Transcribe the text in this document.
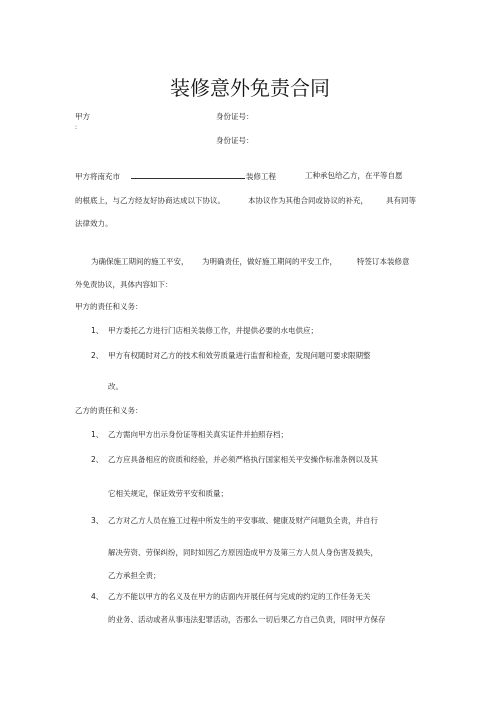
装修意外免责合同
甲方
:
身份证号：
身份证号：
甲方将南充市	装修工程	工种承包给乙方，在平等自愿
的根底上，与乙方经友好协商达成以下协议。	本协议作为其他合同或协议的补充， 具有同等
法律效力。
为确保施工期间的施工平安， 为明确责任，做好施工期间的平安工作，	特签订本装修意
外免责协议，具体内容如下：
甲方的责任和义务：
1、 甲方委托乙方进行门店相关装修工作，并提供必要的水电供应；
2、 甲方有权随时对乙方的技术和效劳质量进行监督和检查，发现问题可要求限期整
改。
乙方的责任和义务：
1、 乙方需向甲方出示身份证等相关真实证件并拍照存档；
2、 乙方应具备相应的资质和经验，并必须严格执行国家相关平安操作标准条例以及其
它相关规定，保证效劳平安和质量；
3、 乙方对乙方人员在施工过程中所发生的平安事故、健康及财产问题负全责，并自行
解决劳资、劳保纠纷，同时如因乙方原因造成甲方及第三方人员人身伤害及损失，
乙方承担全责；
4、 乙方不能以甲方的名义及在甲方的店面内开展任何与完成的约定的工作任务无关
的业务、活动或者从事违法犯罪活动，否那么一切后果乙方自己负责，同时甲方保存
